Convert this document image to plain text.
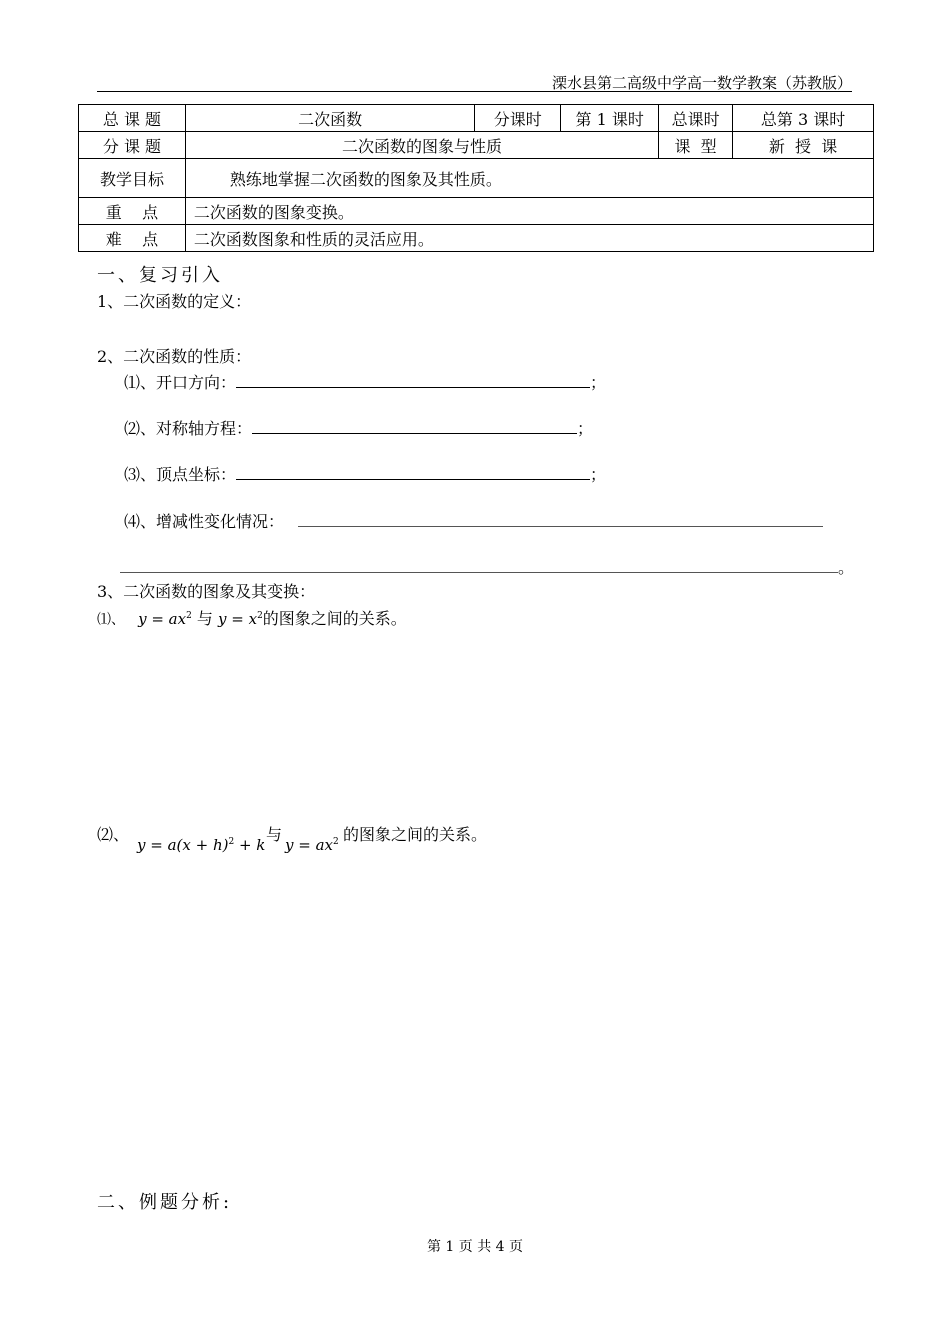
溧水县第二高级中学高一数学教案（苏教版）
总 课 题	二次函数	分课时	第 1 课时	总课时	总第 3 课时
分 课 题	二次函数的图象与性质			课  型	新  授  课
教学目标	熟练地掌握二次函数的图象及其性质。				
重    点	二次函数的图象变换。				
难    点	二次函数图象和性质的灵活应用。				
一、复习引入
1、二次函数的定义：
2、二次函数的性质：
⑴、开口方向：	；
⑵、对称轴方程：	；
⑶、顶点坐标：	；
⑷、增减性变化情况：
。
3、二次函数的图象及其变换：
⑴、 $y = ax^2$ 与 $y = x^2$的图象之间的关系。
⑵、
$y = a(x + h)^2 + k$
与
$y = ax^2$ 的图象之间的关系。
二、例题分析:
第 1 页 共 4 页
